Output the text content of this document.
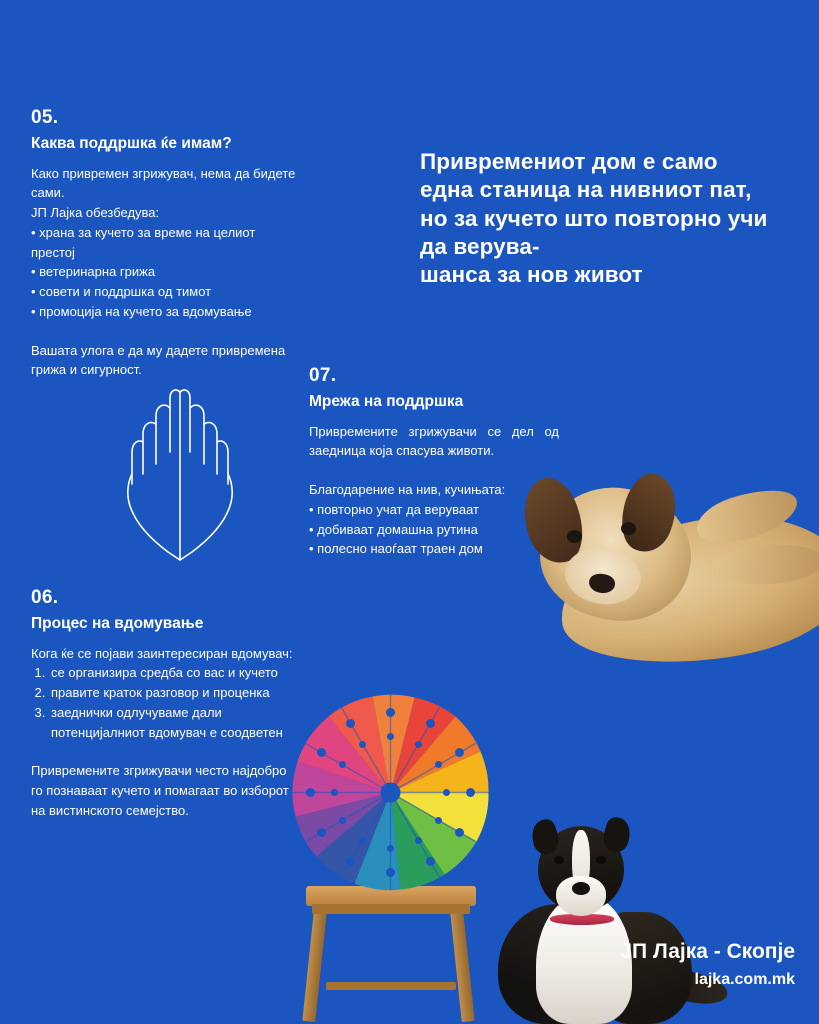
05.
Каква поддршка ќе имам?

Како привремен згрижувач, нема да бидете сами.

ЈП Лајка обезбедува:

• храна за кучето за време на целиот престој

• ветеринарна грижа

• совети и поддршка од тимот

• промоција на кучето за вдомување

Вашата улога е да му дадете привремена грижа и сигурност.

06.
Процес на вдомување

Кога ќе се појави заинтересиран вдомувач:

1. се организира средба со вас и кучето
2. правите краток разговор и проценка
3. заеднички одлучуваме дали потенцијалниот вдомувач е соодветен

Привремените згрижувачи често најдобро го познаваат кучето и помагаат во изборот на вистинското семејство.

Привремениот дом е само
една станица на нивниот пат,
но за кучето што повторно учи
да верува-
шанса за нов живот
07.
Мрежа на поддршка

Привремените згрижувачи се дел од заедница која спасува животи.

Благодарение на нив, кучињата:

• повторно учат да веруваат

• добиваат домашна рутина

• полесно наоѓаат траен дом

ЈП Лајка - Скопје
lajka.com.mk
